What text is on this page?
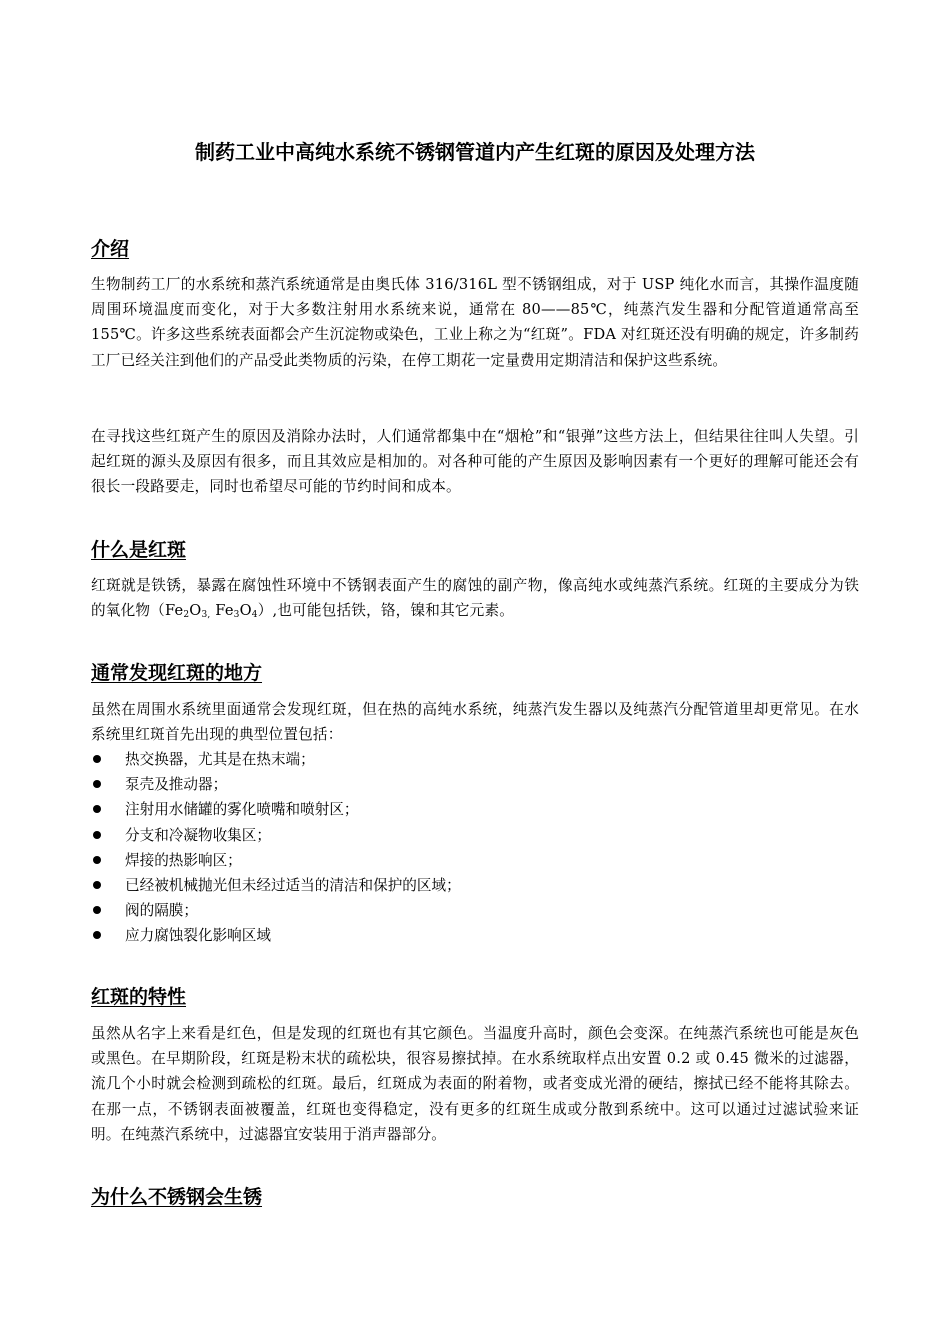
制药工业中高纯水系统不锈钢管道内产生红斑的原因及处理方法
介绍

生物制药工厂的水系统和蒸汽系统通常是由奥氏体 316/316L 型不锈钢组成，对于 USP 纯化水而言，其操作温度随周围环境温度而变化，对于大多数注射用水系统来说，通常在 80——85℃，纯蒸汽发生器和分配管道通常高至 155℃。许多这些系统表面都会产生沉淀物或染色，工业上称之为“红斑”。FDA 对红斑还没有明确的规定，许多制药工厂已经关注到他们的产品受此类物质的污染，在停工期花一定量费用定期清洁和保护这些系统。

在寻找这些红斑产生的原因及消除办法时，人们通常都集中在“烟枪”和“银弹”这些方法上，但结果往往叫人失望。引起红斑的源头及原因有很多，而且其效应是相加的。对各种可能的产生原因及影响因素有一个更好的理解可能还会有很长一段路要走，同时也希望尽可能的节约时间和成本。

什么是红斑

红斑就是铁锈，暴露在腐蚀性环境中不锈钢表面产生的腐蚀的副产物，像高纯水或纯蒸汽系统。红斑的主要成分为铁的氧化物（$Fe_2O_{3,}$ $Fe_3O_4$）,也可能包括铁，铬，镍和其它元素。

通常发现红斑的地方

虽然在周围水系统里面通常会发现红斑，但在热的高纯水系统，纯蒸汽发生器以及纯蒸汽分配管道里却更常见。在水系统里红斑首先出现的典型位置包括：

热交换器，尤其是在热末端；
泵壳及推动器；
注射用水储罐的雾化喷嘴和喷射区；
分支和冷凝物收集区；
焊接的热影响区；
已经被机械抛光但未经过适当的清洁和保护的区域；
阀的隔膜；
应力腐蚀裂化影响区域
红斑的特性

虽然从名字上来看是红色，但是发现的红斑也有其它颜色。当温度升高时，颜色会变深。在纯蒸汽系统也可能是灰色或黑色。在早期阶段，红斑是粉末状的疏松块，很容易擦拭掉。在水系统取样点出安置 0.2 或 0.45 微米的过滤器，流几个小时就会检测到疏松的红斑。最后，红斑成为表面的附着物，或者变成光滑的硬结，擦拭已经不能将其除去。在那一点，不锈钢表面被覆盖，红斑也变得稳定，没有更多的红斑生成或分散到系统中。这可以通过过滤试验来证明。在纯蒸汽系统中，过滤器宜安装用于消声器部分。

为什么不锈钢会生锈
